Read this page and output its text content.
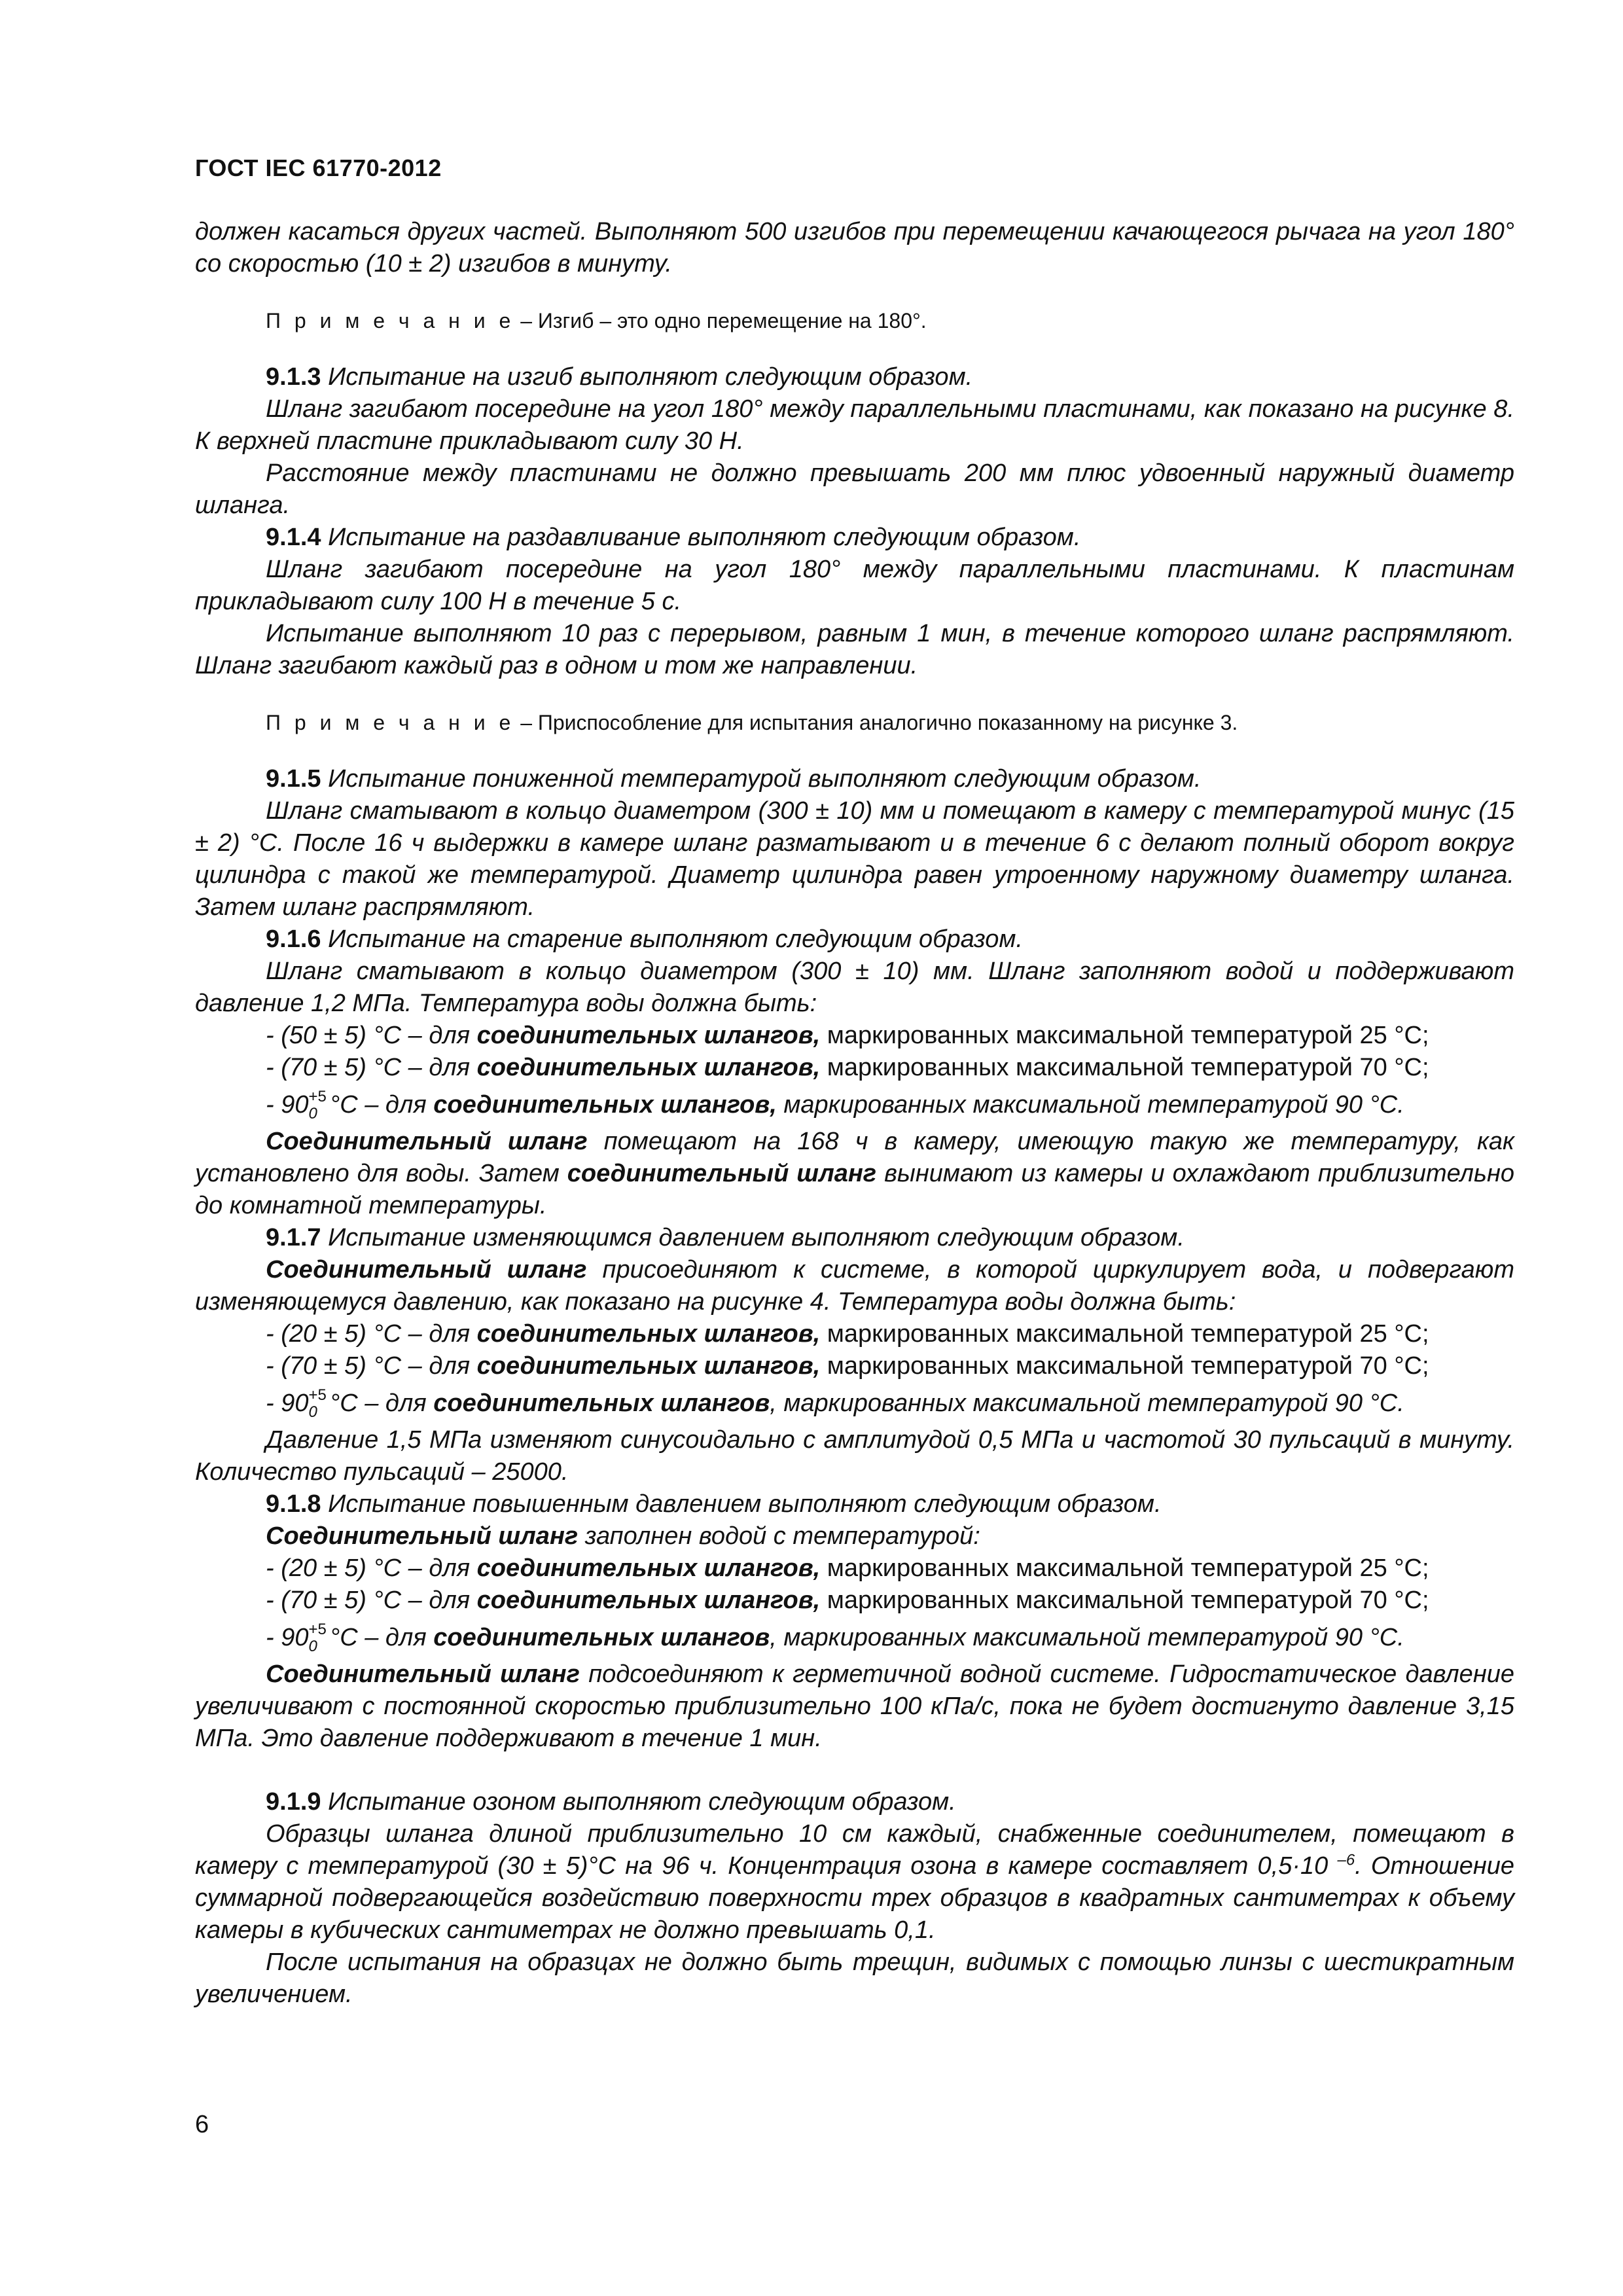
ГОСТ IEC 61770-2012

должен касаться других частей. Выполняют 500 изгибов при перемещении качающегося рычага на угол 180° со скоростью (10 ± 2) изгибов в минуту.

П р и м е ч а н и е – Изгиб – это одно перемещение на 180°.

9.1.3 Испытание на изгиб выполняют следующим образом.

Шланг загибают посередине на угол 180° между параллельными пластинами, как показано на рисунке 8. К верхней пластине прикладывают силу 30 Н.

Расстояние между пластинами не должно превышать 200 мм плюс удвоенный наружный диаметр шланга.

9.1.4 Испытание на раздавливание выполняют следующим образом.

Шланг загибают посередине на угол 180° между параллельными пластинами. К пластинам прикладывают силу 100 Н в течение 5 с.

Испытание выполняют 10 раз с перерывом, равным 1 мин, в течение которого шланг распрямляют. Шланг загибают каждый раз в одном и том же направлении.

П р и м е ч а н и е – Приспособление для испытания аналогично показанному на рисунке 3.

9.1.5 Испытание пониженной температурой выполняют следующим образом.

Шланг сматывают в кольцо диаметром (300 ± 10) мм и помещают в камеру с температурой минус (15 ± 2) °С. После 16 ч выдержки в камере шланг разматывают и в течение 6 с делают полный оборот вокруг цилиндра с такой же температурой. Диаметр цилиндра равен утроенному наружному диаметру шланга. Затем шланг распрямляют.

9.1.6 Испытание на старение выполняют следующим образом.

Шланг сматывают в кольцо диаметром (300 ± 10) мм. Шланг заполняют водой и поддерживают давление 1,2 МПа. Температура воды должна быть:

- (50 ± 5) °С – для соединительных шлангов, маркированных максимальной температурой 25 °С;

- (70 ± 5) °С – для соединительных шлангов, маркированных максимальной температурой 70 °С;

- 90 +5
0 °С – для соединительных шлангов, маркированных максимальной температурой 90 °С.

Соединительный шланг помещают на 168 ч в камеру, имеющую такую же температуру, как установлено для воды. Затем соединительный шланг вынимают из камеры и охлаждают приблизительно до комнатной температуры.

9.1.7 Испытание изменяющимся давлением выполняют следующим образом.

Соединительный шланг присоединяют к системе, в которой циркулирует вода, и подвергают изменяющемуся давлению, как показано на рисунке 4. Температура воды должна быть:

- (20 ± 5) °С – для соединительных шлангов, маркированных максимальной температурой 25 °С;

- (70 ± 5) °С – для соединительных шлангов, маркированных максимальной температурой 70 °С;

- 90 +5
0 °С – для соединительных шлангов, маркированных максимальной температурой 90 °С.

Давление 1,5 МПа изменяют синусоидально с амплитудой 0,5 МПа и частотой 30 пульсаций в минуту. Количество пульсаций – 25000.

9.1.8 Испытание повышенным давлением выполняют следующим образом.

Соединительный шланг заполнен водой с температурой:

- (20 ± 5) °С – для соединительных шлангов, маркированных максимальной температурой 25 °С;

- (70 ± 5) °С – для соединительных шлангов, маркированных максимальной температурой 70 °С;

- 90 +5
0 °С – для соединительных шлангов, маркированных максимальной температурой 90 °С.

Соединительный шланг подсоединяют к герметичной водной системе. Гидростатическое давление увеличивают с постоянной скоростью приблизительно 100 кПа/с, пока не будет достигнуто давление 3,15 МПа. Это давление поддерживают в течение 1 мин.

9.1.9 Испытание озоном выполняют следующим образом.

Образцы шланга длиной приблизительно 10 см каждый, снабженные соединителем, помещают в камеру с температурой (30 ± 5)°С на 96 ч. Концентрация озона в камере составляет 0,5·10 $^{-6}$. Отношение суммарной подвергающейся воздействию поверхности трех образцов в квадратных сантиметрах к объему камеры в кубических сантиметрах не должно превышать 0,1.

После испытания на образцах не должно быть трещин, видимых с помощью линзы с шестикратным увеличением.

6
